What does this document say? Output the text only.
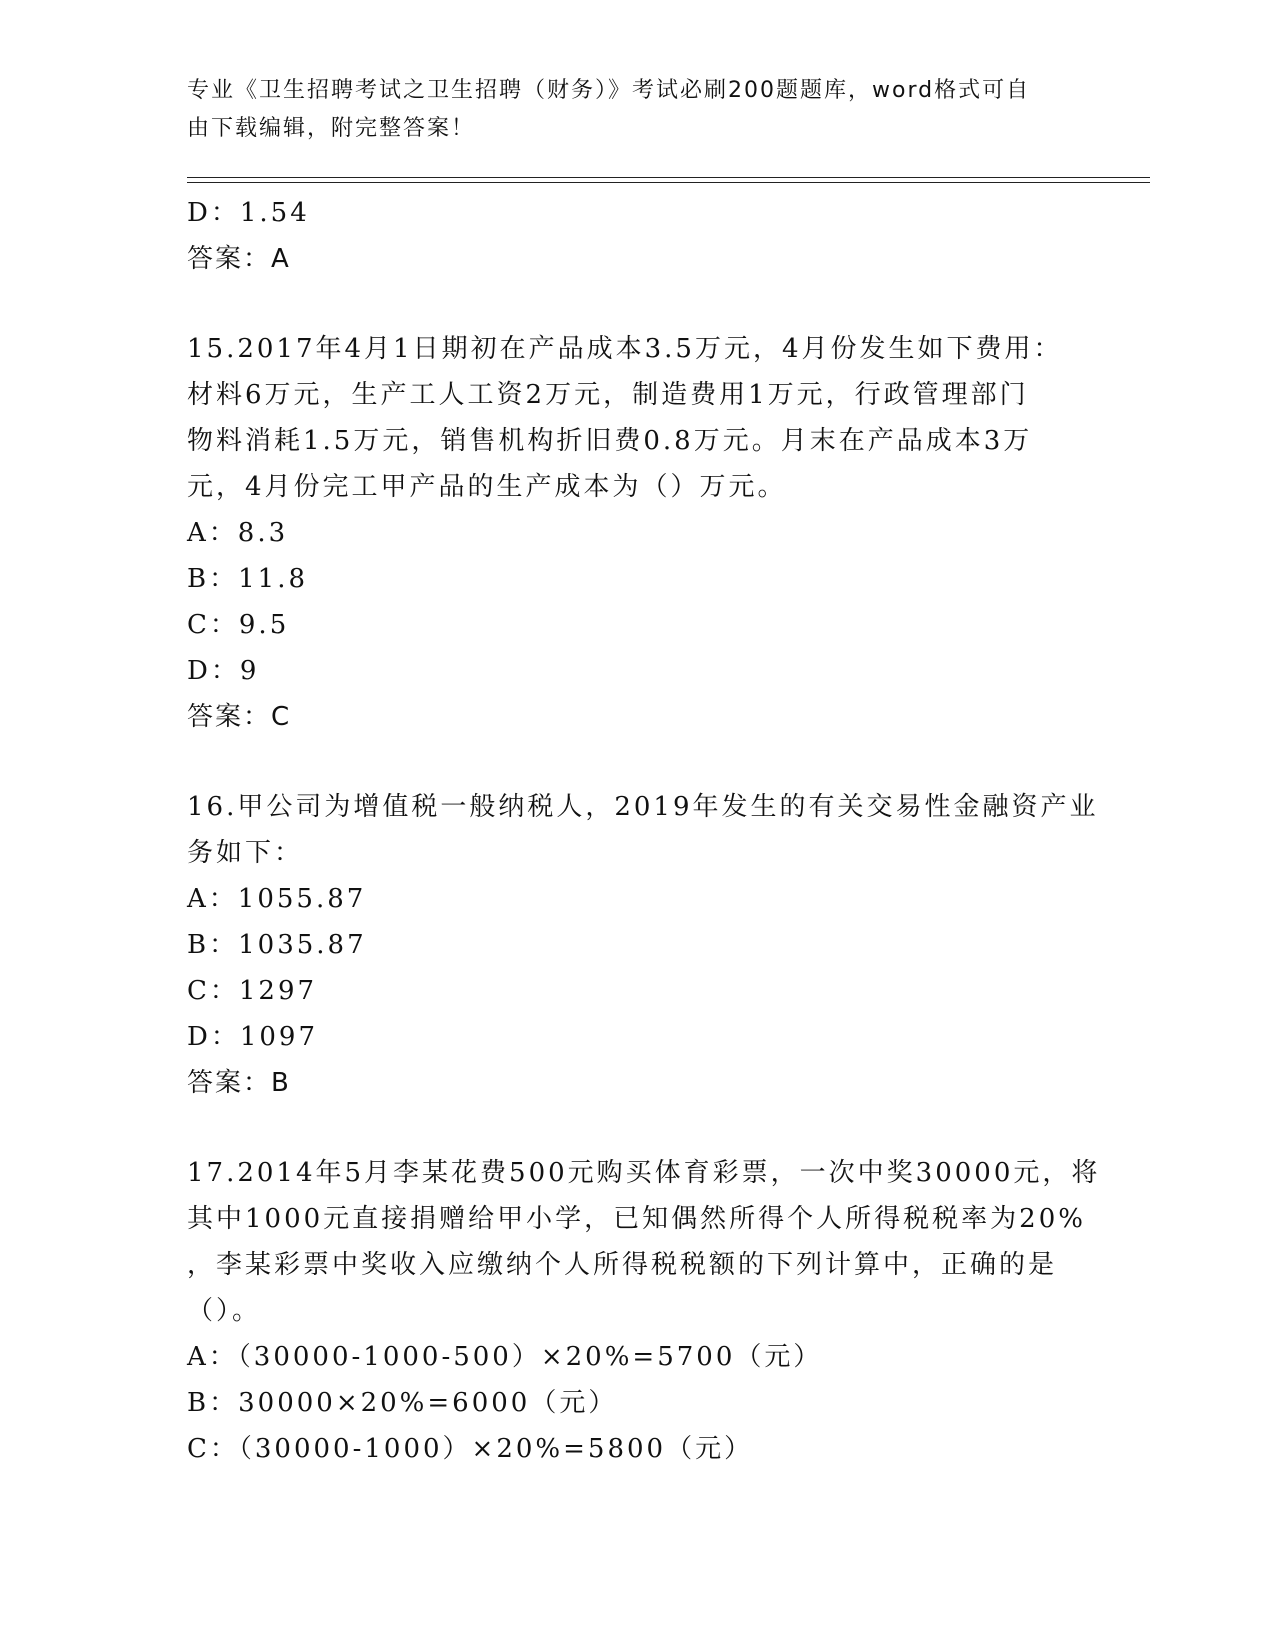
专业《卫生招聘考试之卫生招聘（财务）》考试必刷200题题库，word格式可自
由下载编辑，附完整答案！
D：1.54
答案：A
15.2017年4月1日期初在产品成本3.5万元，4月份发生如下费用：
材料6万元，生产工人工资2万元，制造费用1万元，行政管理部门
物料消耗1.5万元，销售机构折旧费0.8万元。月末在产品成本3万
元，4月份完工甲产品的生产成本为（）万元。
A：8.3
B：11.8
C：9.5
D：9
答案：C
16.甲公司为增值税一般纳税人，2019年发生的有关交易性金融资产业
务如下：
A：1055.87
B：1035.87
C：1297
D：1097
答案：B
17.2014年5月李某花费500元购买体育彩票，一次中奖30000元，将
其中1000元直接捐赠给甲小学，已知偶然所得个人所得税税率为20%
，李某彩票中奖收入应缴纳个人所得税税额的下列计算中，正确的是
（）。
A：（30000-1000-500）×20%=5700（元）
B：30000×20%=6000（元）
C：（30000-1000）×20%=5800（元）
